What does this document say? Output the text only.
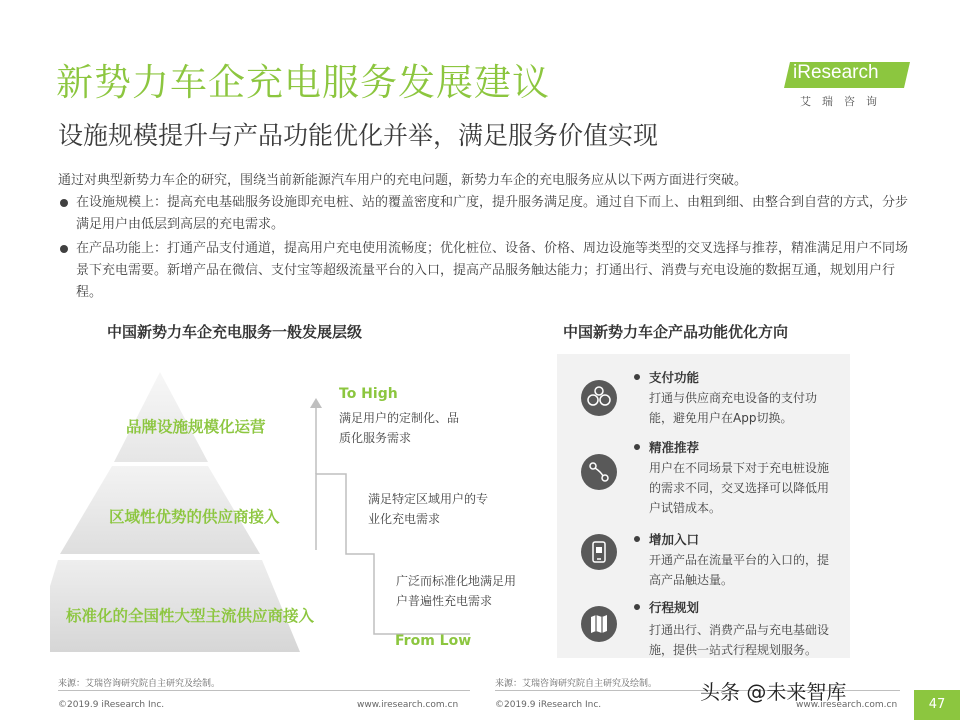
新势力车企充电服务发展建议
设施规模提升与产品功能优化并举，满足服务价值实现
iResearch
艾瑞咨询
通过对典型新势力车企的研究，围绕当前新能源汽车用户的充电问题，新势力车企的充电服务应从以下两方面进行突破。
在设施规模上：提高充电基础服务设施即充电桩、站的覆盖密度和广度，提升服务满足度。通过自下而上、由粗到细、由整合到自营的方式，分步满足用户由低层到高层的充电需求。
在产品功能上：打通产品支付通道，提高用户充电使用流畅度；优化桩位、设备、价格、周边设施等类型的交叉选择与推荐，精准满足用户不同场景下充电需要。新增产品在微信、支付宝等超级流量平台的入口，提高产品服务触达能力；打通出行、消费与充电设施的数据互通，规划用户行程。
中国新势力车企充电服务一般发展层级
品牌设施规模化运营
区域性优势的供应商接入
标准化的全国性大型主流供应商接入
To High
满足用户的定制化、品质化服务需求
满足特定区域用户的专业化充电需求
广泛而标准化地满足用户普遍性充电需求
From Low
中国新势力车企产品功能优化方向
支付功能
打通与供应商充电设备的支付功能，避免用户在App切换。
精准推荐
用户在不同场景下对于充电桩设施的需求不同，交叉选择可以降低用户试错成本。
增加入口
开通产品在流量平台的入口的，提高产品触达量。
行程规划
打通出行、消费产品与充电基础设施，提供一站式行程规划服务。
来源：艾瑞咨询研究院自主研究及绘制。	来源：艾瑞咨询研究院自主研究及绘制。
©2019.9 iResearch Inc.	www.iresearch.com.cn	©2019.9 iResearch Inc.	www.iresearch.com.cn
头条 @未来智库
47
